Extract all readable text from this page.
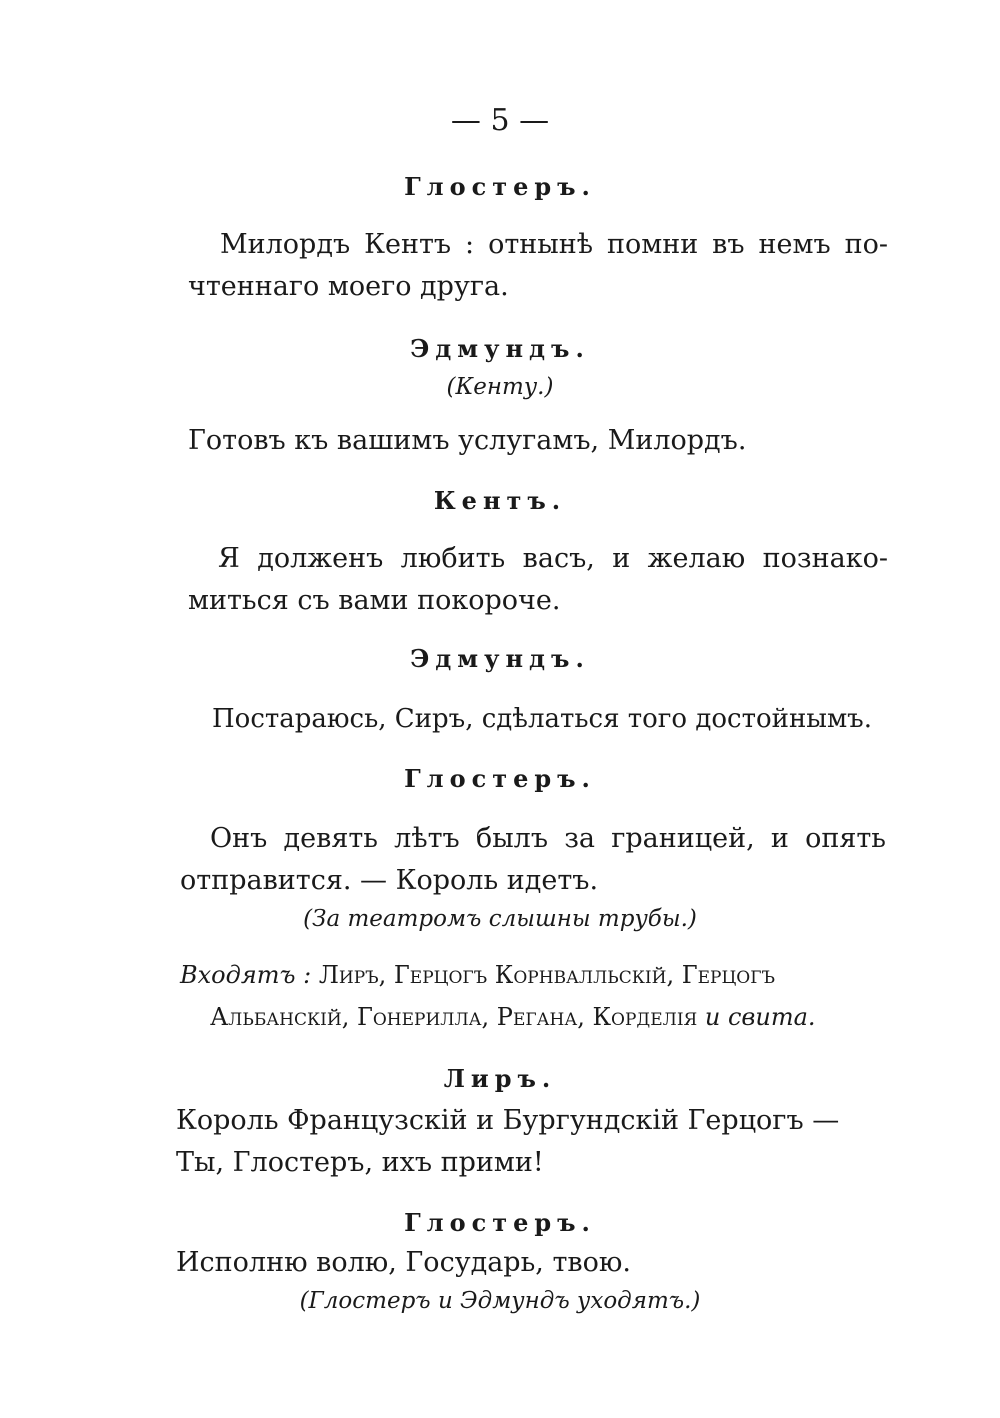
— 5 —
Глостеръ.
Милордъ Кентъ : отнынѣ помни въ немъ по-
чтеннаго моего друга.
Эдмундъ.
(Кенту.)
Готовъ къ вашимъ услугамъ, Милордъ.
Кентъ.
Я долженъ любить васъ, и желаю познако-
миться съ вами покороче.
Эдмундъ.
Постараюсь, Сиръ, сдѣлаться того достойнымъ.
Глостеръ.
Онъ девять лѣтъ былъ за границей, и опять
отправится. — Король идетъ.
(За театромъ слышны трубы.)
Входятъ : Лиръ, Герцогъ Корнвалльскій, Герцогъ
Альбанскій, Гонерилла, Регана, Корделія и свита.
Лиръ.
Король Французскій и Бургундскій Герцогъ —
Ты, Глостеръ, ихъ прими!
Глостеръ.
Исполню волю, Государь, твою.
(Глостеръ и Эдмундъ уходятъ.)
